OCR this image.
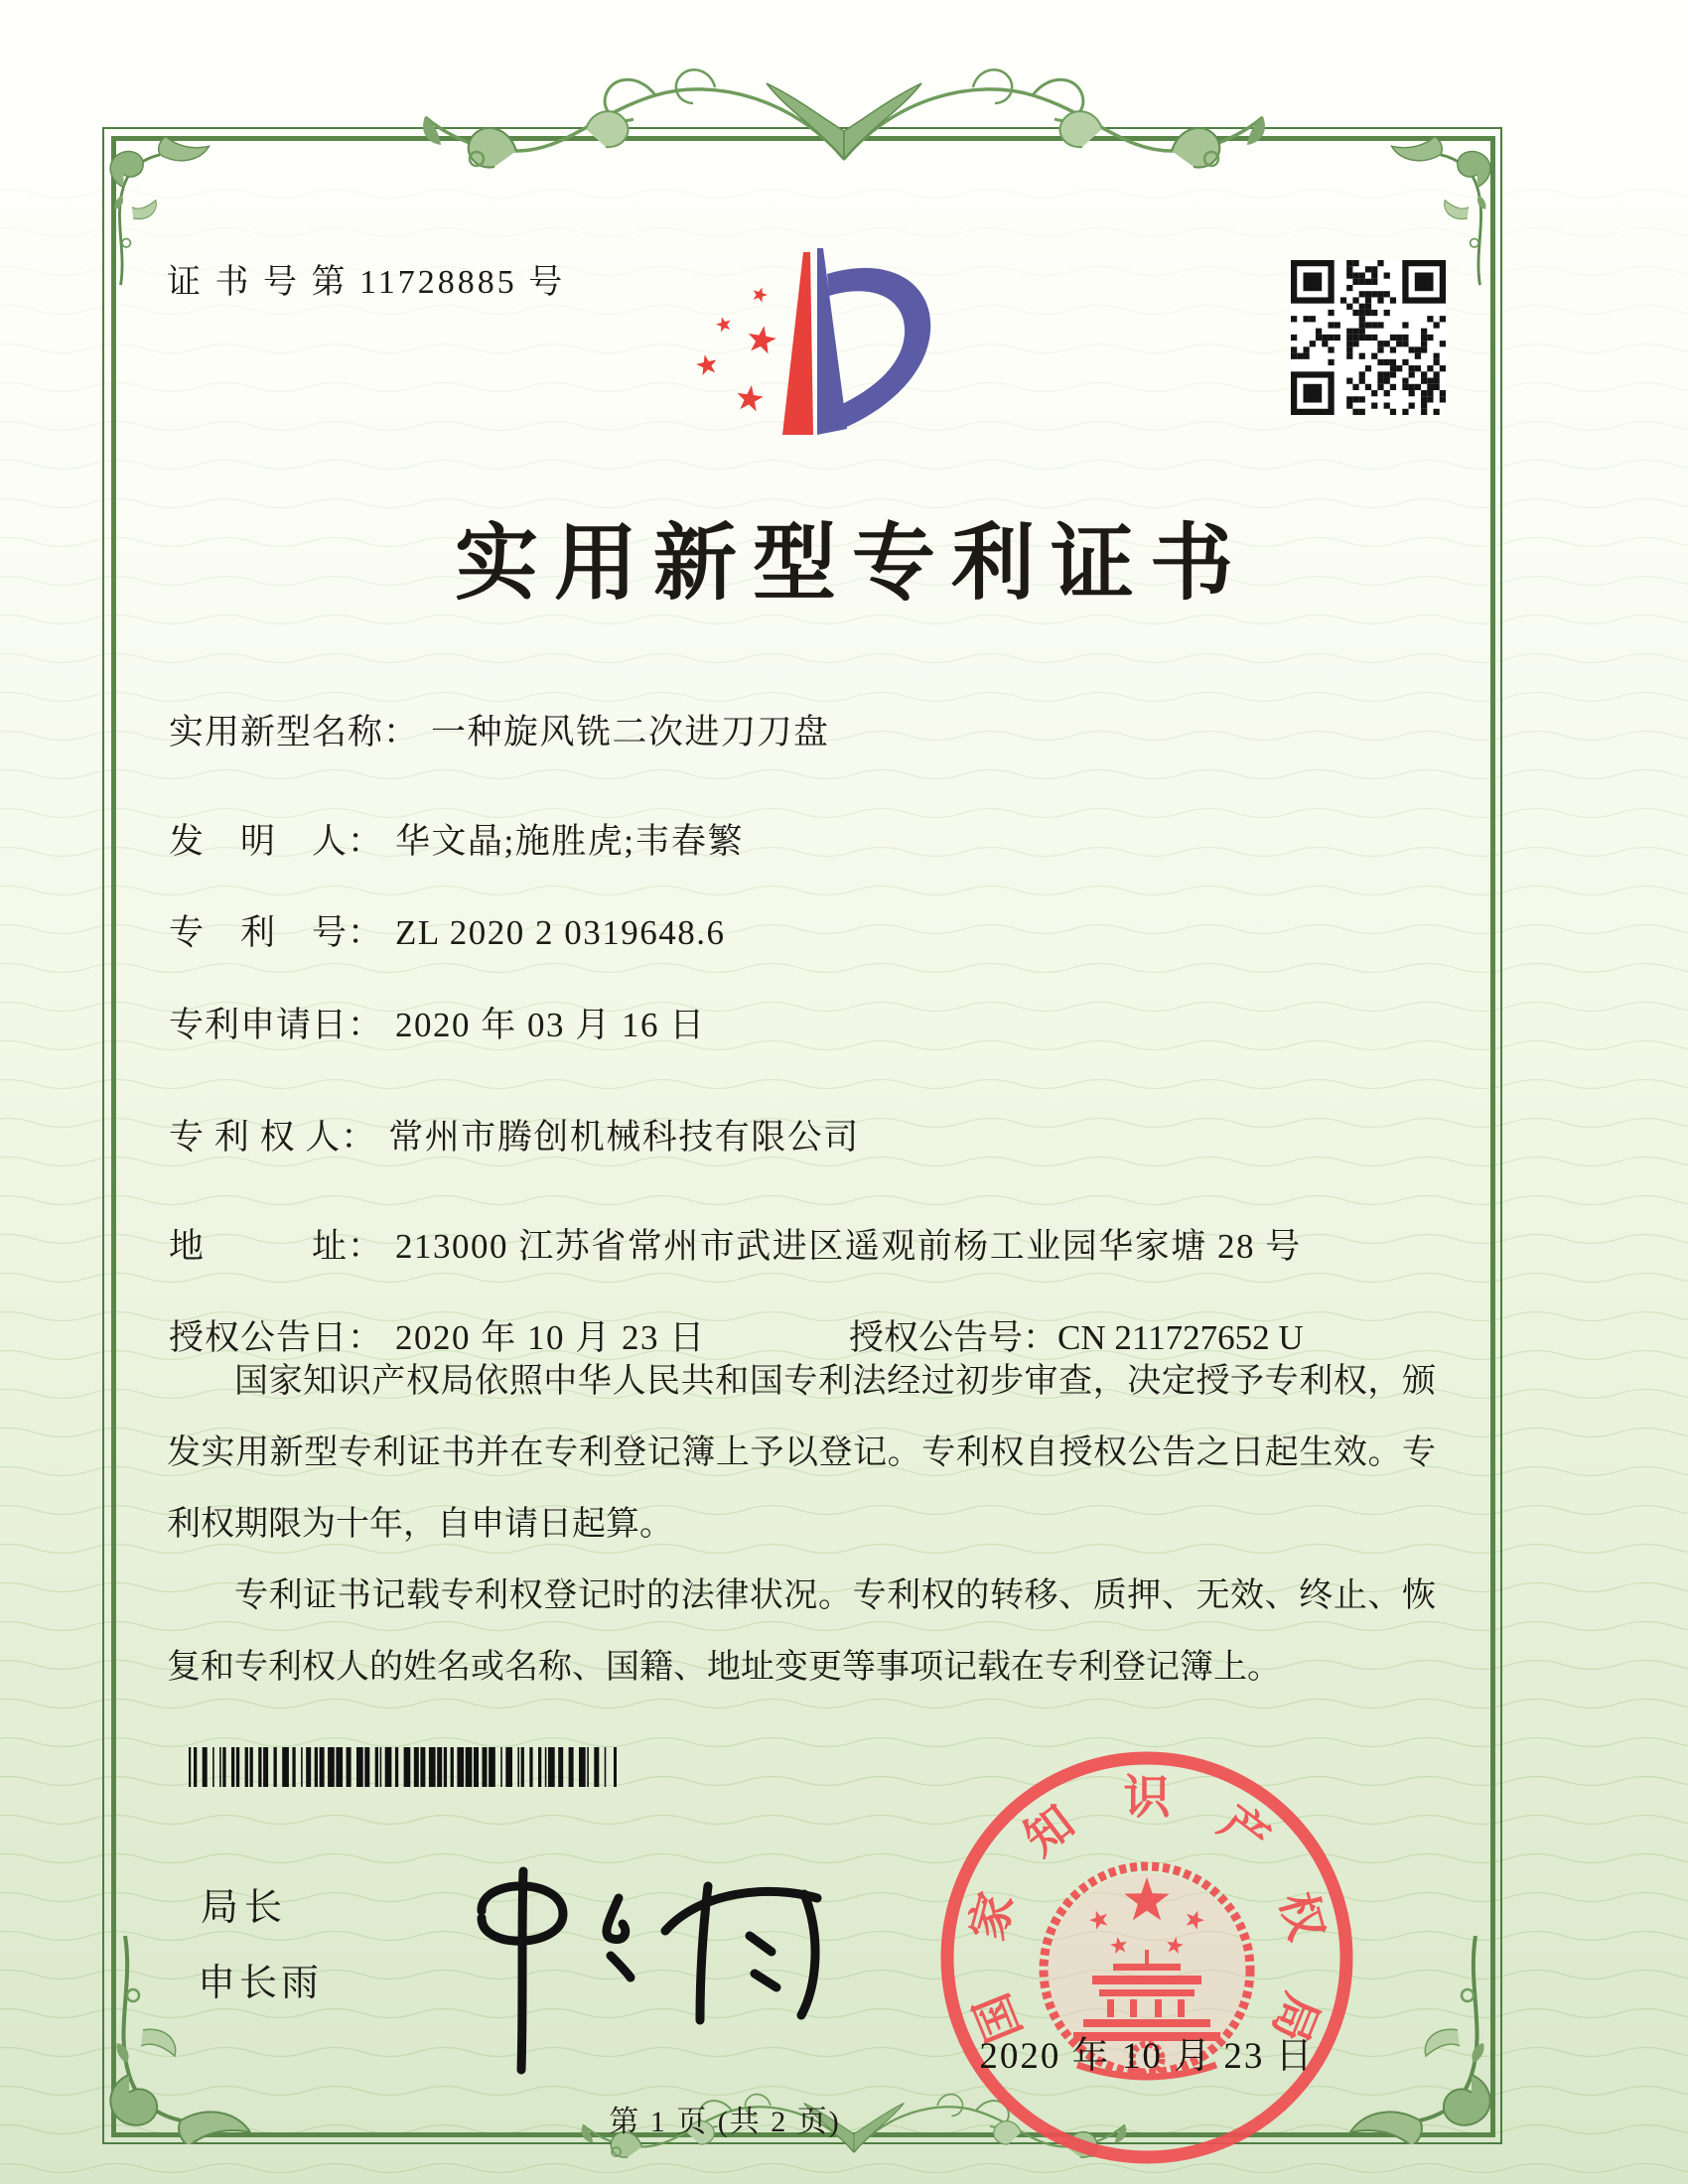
证 书 号 第 11728885 号
实用新型专利证书
实用新型名称： 一种旋风铣二次进刀刀盘
发　明　人： 华文晶;施胜虎;韦春繁
专　利　号： ZL 2020 2 0319648.6
专利申请日： 2020 年 03 月 16 日
专 利 权 人： 常州市腾创机械科技有限公司
地　　　址： 213000 江苏省常州市武进区遥观前杨工业园华家塘 28 号
授权公告日： 2020 年 10 月 23 日	授权公告号：CN 211727652 U

国家知识产权局依照中华人民共和国专利法经过初步审查，决定授予专利权，颁发实用新型专利证书并在专利登记簿上予以登记。专利权自授权公告之日起生效。专利权期限为十年，自申请日起算。

专利证书记载专利权登记时的法律状况。专利权的转移、质押、无效、终止、恢复和专利权人的姓名或名称、国籍、地址变更等事项记载在专利登记簿上。

局长
申长雨
国
家
知 识 产
权
局
2020 年 10 月 23 日
第 1 页 (共 2 页)
